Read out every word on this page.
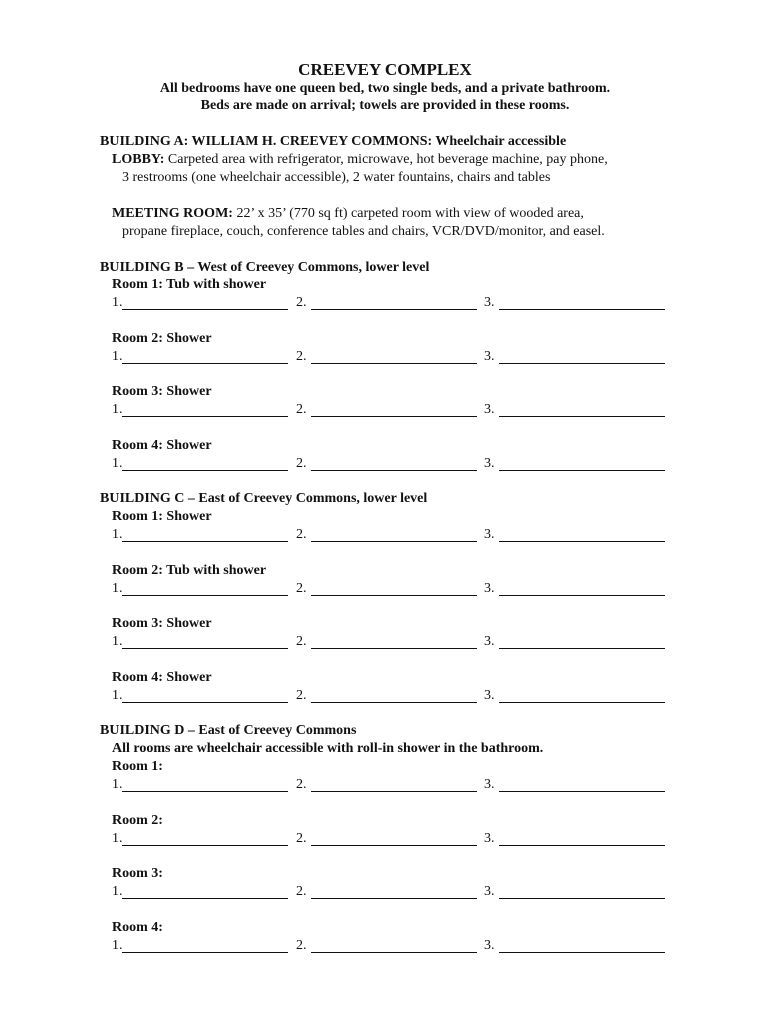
CREEVEY COMPLEX
All bedrooms have one queen bed, two single beds, and a private bathroom.
Beds are made on arrival; towels are provided in these rooms.
BUILDING A: WILLIAM H. CREEVEY COMMONS: Wheelchair accessible
LOBBY: Carpeted area with refrigerator, microwave, hot beverage machine, pay phone,
3 restrooms (one wheelchair accessible), 2 water fountains, chairs and tables
MEETING ROOM: 22’ x 35’ (770 sq ft) carpeted room with view of wooded area,
propane fireplace, couch, conference tables and chairs, VCR/DVD/monitor, and easel.
BUILDING B – West of Creevey Commons, lower level
Room 1: Tub with shower
1.	2.	3.
Room 2: Shower
1.	2.	3.
Room 3: Shower
1.	2.	3.
Room 4: Shower
1.	2.	3.
BUILDING C – East of Creevey Commons, lower level
Room 1: Shower
1.	2.	3.
Room 2: Tub with shower
1.	2.	3.
Room 3: Shower
1.	2.	3.
Room 4: Shower
1.	2.	3.
BUILDING D – East of Creevey Commons
All rooms are wheelchair accessible with roll-in shower in the bathroom.
Room 1:
1.	2.	3.
Room 2:
1.	2.	3.
Room 3:
1.	2.	3.
Room 4:
1.	2.	3.
